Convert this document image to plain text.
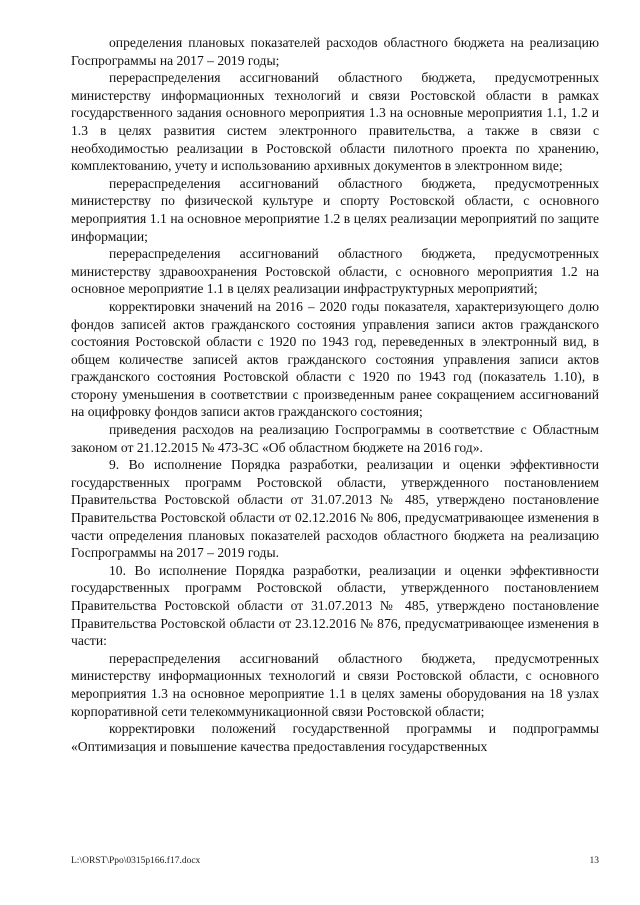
определения плановых показателей расходов областного бюджета на реализацию Госпрограммы на 2017 – 2019 годы;

перераспределения ассигнований областного бюджета, предусмотренных министерству информационных технологий и связи Ростовской области в рамках государственного задания основного мероприятия 1.3 на основные мероприятия 1.1, 1.2 и 1.3 в целях развития систем электронного правительства, а также в связи с необходимостью реализации в Ростовской области пилотного проекта по хранению, комплектованию, учету и использованию архивных документов в электронном виде;

перераспределения ассигнований областного бюджета, предусмотренных министерству по физической культуре и спорту Ростовской области, с основного мероприятия 1.1 на основное мероприятие 1.2 в целях реализации мероприятий по защите информации;

перераспределения ассигнований областного бюджета, предусмотренных министерству здравоохранения Ростовской области, с основного мероприятия 1.2 на основное мероприятие 1.1 в целях реализации инфраструктурных мероприятий;

корректировки значений на 2016 – 2020 годы показателя, характеризующего долю фондов записей актов гражданского состояния управления записи актов гражданского состояния Ростовской области с 1920 по 1943 год, переведенных в электронный вид, в общем количестве записей актов гражданского состояния управления записи актов гражданского состояния Ростовской области с 1920 по 1943 год (показатель 1.10), в сторону уменьшения в соответствии с произведенным ранее сокращением ассигнований на оцифровку фондов записи актов гражданского состояния;

приведения расходов на реализацию Госпрограммы в соответствие с Областным законом от 21.12.2015 № 473-ЗС «Об областном бюджете на 2016 год».

9. Во исполнение Порядка разработки, реализации и оценки эффективности государственных программ Ростовской области, утвержденного постановлением Правительства Ростовской области от 31.07.2013 № 485, утверждено постановление Правительства Ростовской области от 02.12.2016 № 806, предусматривающее изменения в части определения плановых показателей расходов областного бюджета на реализацию Госпрограммы на 2017 – 2019 годы.

10. Во исполнение Порядка разработки, реализации и оценки эффективности государственных программ Ростовской области, утвержденного постановлением Правительства Ростовской области от 31.07.2013 № 485, утверждено постановление Правительства Ростовской области от 23.12.2016 № 876, предусматривающее изменения в части:

перераспределения ассигнований областного бюджета, предусмотренных министерству информационных технологий и связи Ростовской области, с основного мероприятия 1.3 на основное мероприятие 1.1 в целях замены оборудования на 18 узлах корпоративной сети телекоммуникационной связи Ростовской области;

корректировки положений государственной программы и подпрограммы «Оптимизация и повышение качества предоставления государственных

L:\ORST\Ppo\0315p166.f17.docx	13
